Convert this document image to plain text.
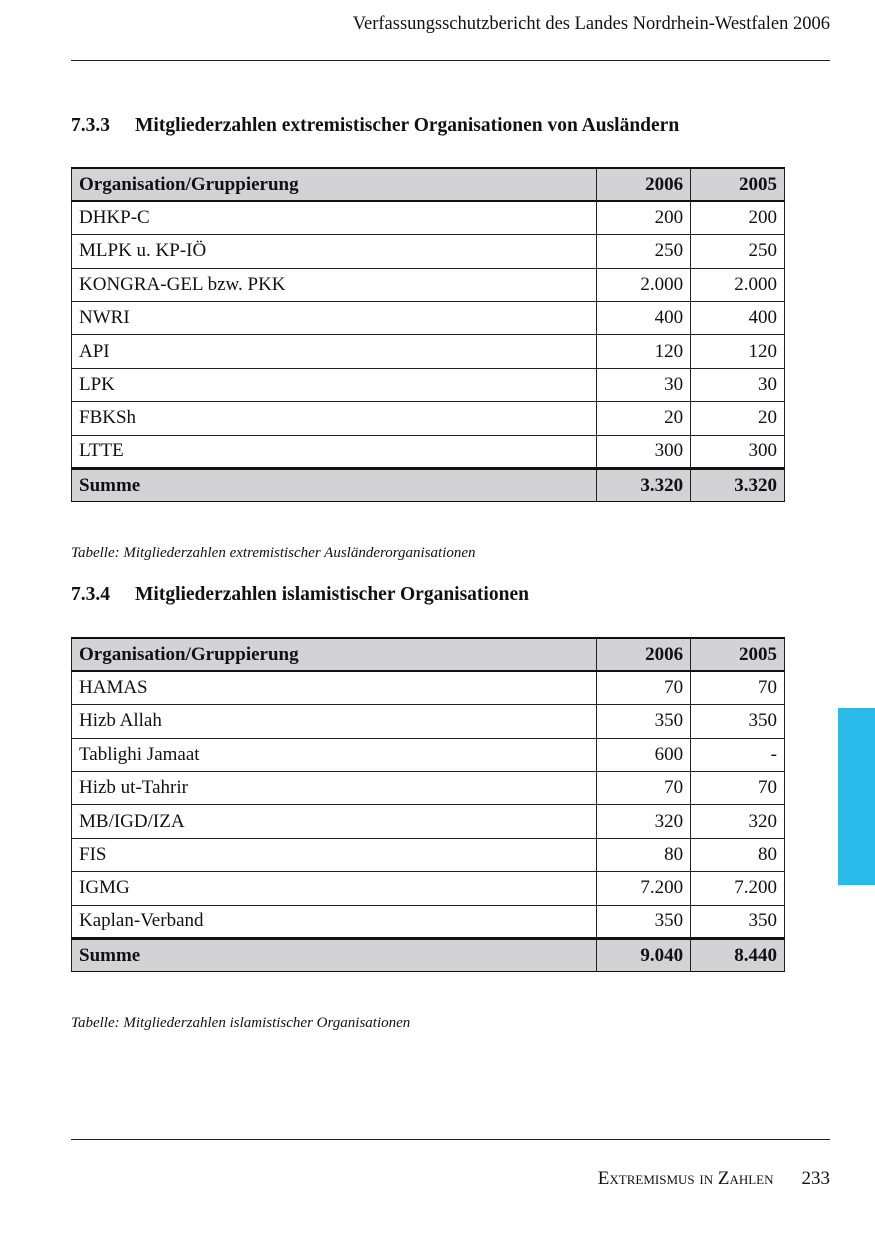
Verfassungsschutzbericht des Landes Nordrhein-Westfalen 2006
7.3.3 Mitgliederzahlen extremistischer Organisationen von Ausländern
Organisation/Gruppierung	2006	2005
DHKP-C	200	200
MLPK u. KP-IÖ	250	250
KONGRA-GEL bzw. PKK	2.000	2.000
NWRI	400	400
API	120	120
LPK	30	30
FBKSh	20	20
LTTE	300	300
Summe	3.320	3.320
Tabelle: Mitgliederzahlen extremistischer Ausländerorganisationen
7.3.4 Mitgliederzahlen islamistischer Organisationen
Organisation/Gruppierung	2006	2005
HAMAS	70	70
Hizb Allah	350	350
Tablighi Jamaat	600	-
Hizb ut-Tahrir	70	70
MB/IGD/IZA	320	320
FIS	80	80
IGMG	7.200	7.200
Kaplan-Verband	350	350
Summe	9.040	8.440
Tabelle: Mitgliederzahlen islamistischer Organisationen
Extremismus in Zahlen 233
